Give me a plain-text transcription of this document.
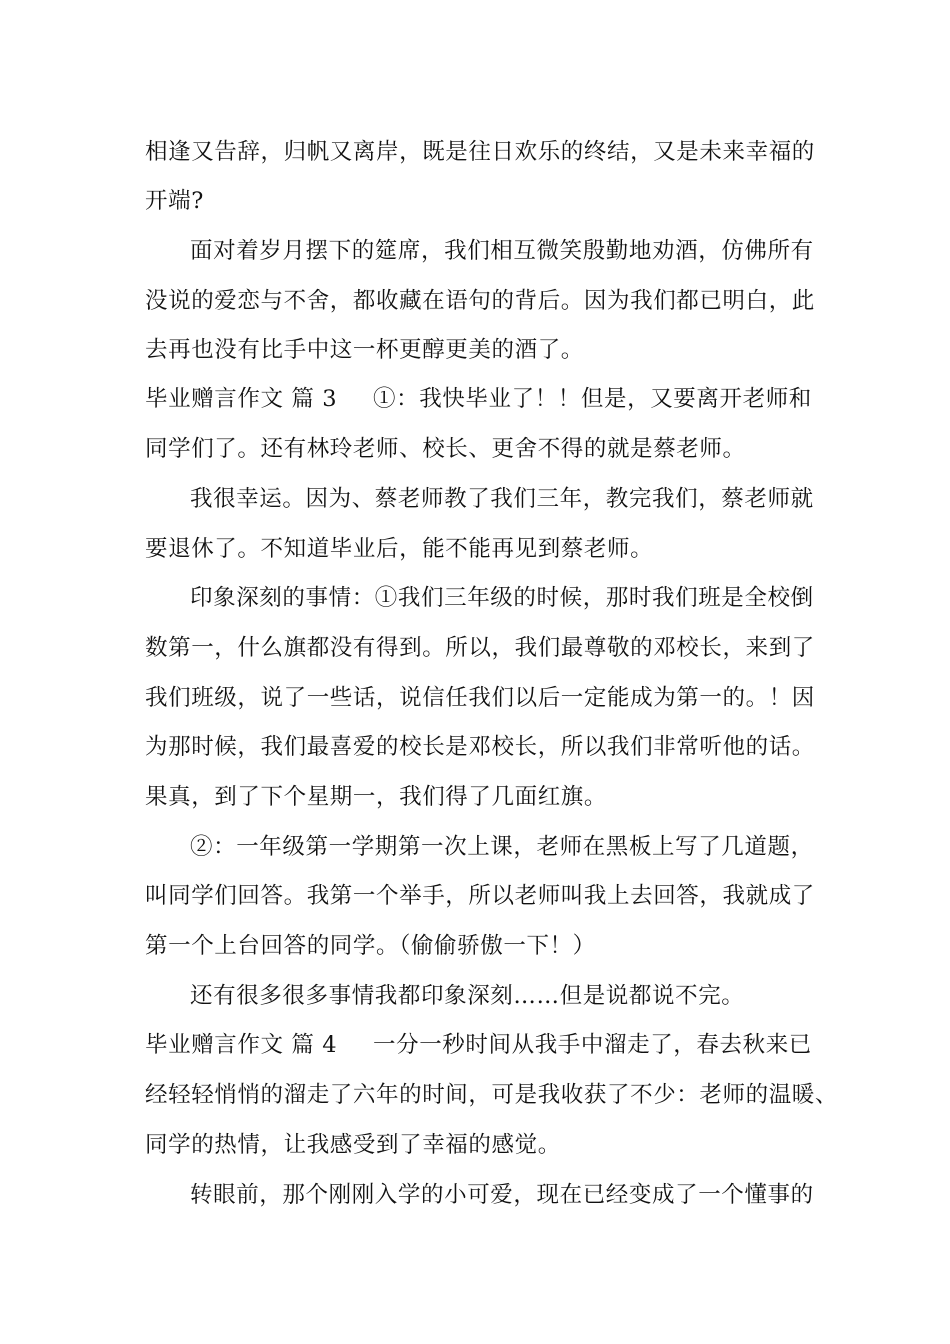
相逢又告辞，归帆又离岸，既是往日欢乐的终结，又是未来幸福的
开端?
面对着岁月摆下的筵席，我们相互微笑殷勤地劝酒，仿佛所有
没说的爱恋与不舍，都收藏在语句的背后。因为我们都已明白，此
去再也没有比手中这一杯更醇更美的酒了。
毕业赠言作文 篇 3 ①：我快毕业了！！但是，又要离开老师和
同学们了。还有林玲老师、校长、更舍不得的就是蔡老师。
我很幸运。因为、蔡老师教了我们三年，教完我们，蔡老师就
要退休了。不知道毕业后，能不能再见到蔡老师。
印象深刻的事情：①我们三年级的时候，那时我们班是全校倒
数第一，什么旗都没有得到。所以，我们最尊敬的邓校长，来到了
我们班级，说了一些话，说信任我们以后一定能成为第一的。！因
为那时候，我们最喜爱的校长是邓校长，所以我们非常听他的话。
果真，到了下个星期一，我们得了几面红旗。
②：一年级第一学期第一次上课，老师在黑板上写了几道题，
叫同学们回答。我第一个举手，所以老师叫我上去回答，我就成了
第一个上台回答的同学。（偷偷骄傲一下！）
还有很多很多事情我都印象深刻……但是说都说不完。
毕业赠言作文 篇 4 一分一秒时间从我手中溜走了，春去秋来已
经轻轻悄悄的溜走了六年的时间，可是我收获了不少：老师的温暖、
同学的热情，让我感受到了幸福的感觉。
转眼前，那个刚刚入学的小可爱，现在已经变成了一个懂事的
